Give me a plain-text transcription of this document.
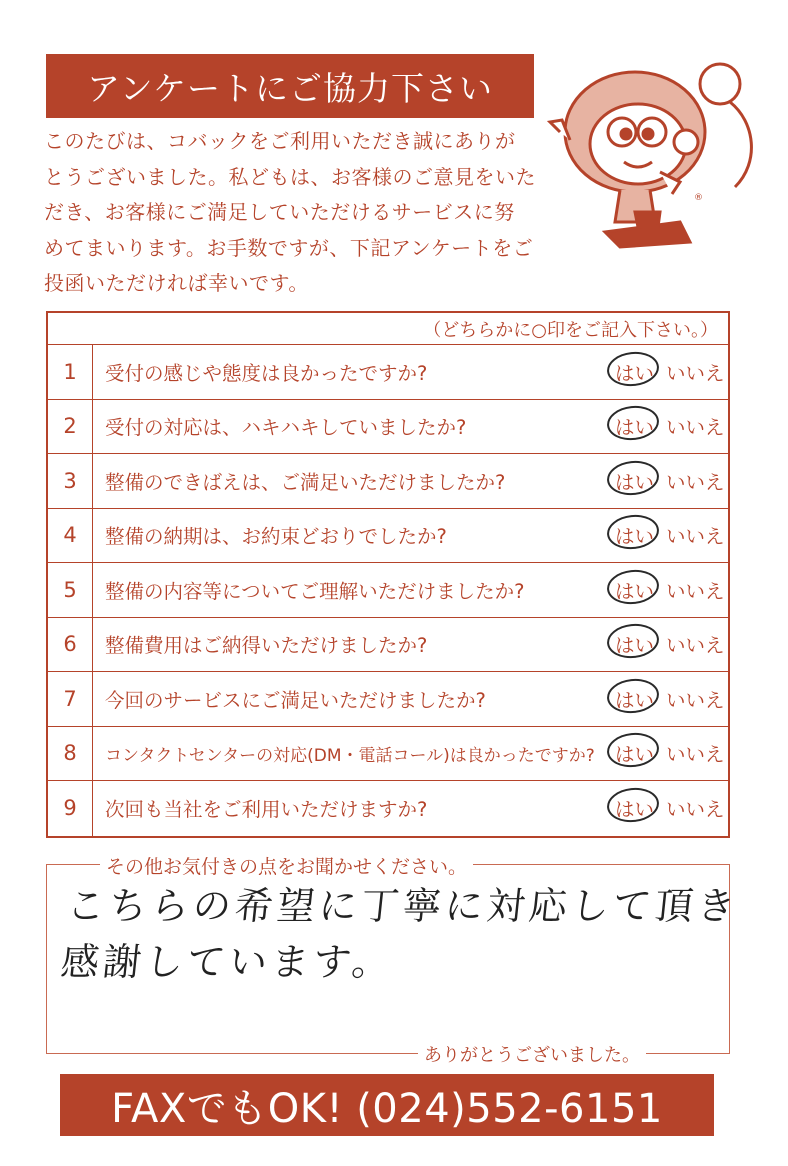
アンケートにご協力下さい
このたびは、コバックをご利用いただき誠にありが
とうございました。私どもは、お客様のご意見をいた
だき、お客様にご満足していただけるサービスに努
めてまいります。お手数ですが、下記アンケートをご
投函いただければ幸いです。
®
（どちらかに○印をご記入下さい。）
1	受付の感じや態度は良かったですか?	はい いいえ
2	受付の対応は、ハキハキしていましたか?	はい いいえ
3	整備のできばえは、ご満足いただけましたか?	はい いいえ
4	整備の納期は、お約束どおりでしたか?	はい いいえ
5	整備の内容等についてご理解いただけましたか?	はい いいえ
6	整備費用はご納得いただけましたか?	はい いいえ
7	今回のサービスにご満足いただけましたか?	はい いいえ
8	コンタクトセンターの対応(DM・電話コール)は良かったですか?	はい いいえ
9	次回も当社をご利用いただけますか?	はい いいえ
その他お気付きの点をお聞かせください。
こちらの希望に丁寧に対応して頂き
感謝しています。
ありがとうございました。
FAXでもOK! (024)552-6151
